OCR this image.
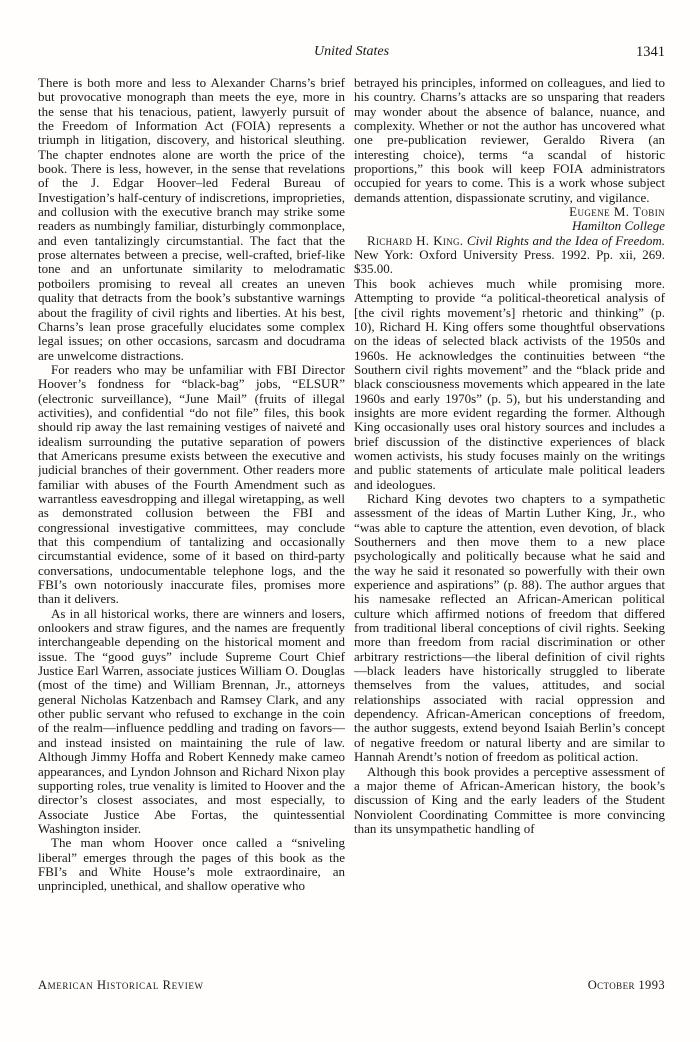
United States	1341

There is both more and less to Alexander Charns’s brief but provocative monograph than meets the eye, more in the sense that his tenacious, patient, lawyerly pursuit of the Freedom of Information Act (FOIA) represents a triumph in litigation, discovery, and historical sleuthing. The chapter endnotes alone are worth the price of the book. There is less, however, in the sense that revelations of the J. Edgar Hoover–led Federal Bureau of Investigation’s half-century of indiscretions, improprieties, and collusion with the executive branch may strike some readers as numbingly familiar, disturbingly commonplace, and even tantalizingly circumstantial. The fact that the prose alternates between a precise, well-crafted, brief-like tone and an unfortunate similarity to melodramatic potboilers promising to reveal all creates an uneven quality that detracts from the book’s substantive warnings about the fragility of civil rights and liberties. At his best, Charns’s lean prose gracefully elucidates some complex legal issues; on other occasions, sarcasm and docudrama are unwelcome distractions.

For readers who may be unfamiliar with FBI Director Hoover’s fondness for “black-bag” jobs, “ELSUR” (electronic surveillance), “June Mail” (fruits of illegal activities), and confidential “do not file” files, this book should rip away the last remaining vestiges of naiveté and idealism surrounding the putative separation of powers that Americans presume exists between the executive and judicial branches of their government. Other readers more familiar with abuses of the Fourth Amendment such as warrantless eavesdropping and illegal wiretapping, as well as demonstrated collusion between the FBI and congressional investigative committees, may conclude that this compendium of tantalizing and occasionally circumstantial evidence, some of it based on third-party conversations, undocumentable telephone logs, and the FBI’s own notoriously inaccurate files, promises more than it delivers.

As in all historical works, there are winners and losers, onlookers and straw figures, and the names are frequently interchangeable depending on the historical moment and issue. The “good guys” include Supreme Court Chief Justice Earl Warren, associate justices William O. Douglas (most of the time) and William Brennan, Jr., attorneys general Nicholas Katzenbach and Ramsey Clark, and any other public servant who refused to exchange in the coin of the realm—influence peddling and trading on favors—and instead insisted on maintaining the rule of law. Although Jimmy Hoffa and Robert Kennedy make cameo appearances, and Lyndon Johnson and Richard Nixon play supporting roles, true venality is limited to Hoover and the director’s closest associates, and most especially, to Associate Justice Abe Fortas, the quintessential Washington insider.

The man whom Hoover once called a “sniveling liberal” emerges through the pages of this book as the FBI’s and White House’s mole extraordinaire, an unprincipled, unethical, and shallow operative who

betrayed his principles, informed on colleagues, and lied to his country. Charns’s attacks are so unsparing that readers may wonder about the absence of balance, nuance, and complexity. Whether or not the author has uncovered what one pre-publication reviewer, Geraldo Rivera (an interesting choice), terms “a scandal of historic proportions,” this book will keep FOIA administrators occupied for years to come. This is a work whose subject demands attention, dispassionate scrutiny, and vigilance.

Eugene M. Tobin
Hamilton College

Richard H. King. Civil Rights and the Idea of Freedom. New York: Oxford University Press. 1992. Pp. xii, 269. $35.00.

This book achieves much while promising more. Attempting to provide “a political-theoretical analysis of [the civil rights movement’s] rhetoric and thinking” (p. 10), Richard H. King offers some thoughtful observations on the ideas of selected black activists of the 1950s and 1960s. He acknowledges the continuities between “the Southern civil rights movement” and the “black pride and black consciousness movements which appeared in the late 1960s and early 1970s” (p. 5), but his understanding and insights are more evident regarding the former. Although King occasionally uses oral history sources and includes a brief discussion of the distinctive experiences of black women activists, his study focuses mainly on the writings and public statements of articulate male political leaders and ideologues.

Richard King devotes two chapters to a sympathetic assessment of the ideas of Martin Luther King, Jr., who “was able to capture the attention, even devotion, of black Southerners and then move them to a new place psychologically and politically because what he said and the way he said it resonated so powerfully with their own experience and aspirations” (p. 88). The author argues that his namesake reflected an African-American political culture which affirmed notions of freedom that differed from traditional liberal conceptions of civil rights. Seeking more than freedom from racial discrimination or other arbitrary restrictions—the liberal definition of civil rights—black leaders have historically struggled to liberate themselves from the values, attitudes, and social relationships associated with racial oppression and dependency. African-American conceptions of freedom, the author suggests, extend beyond Isaiah Berlin’s concept of negative freedom or natural liberty and are similar to Hannah Arendt’s notion of freedom as political action.

Although this book provides a perceptive assessment of a major theme of African-American history, the book’s discussion of King and the early leaders of the Student Nonviolent Coordinating Committee is more convincing than its unsympathetic handling of

American Historical Review	October 1993
